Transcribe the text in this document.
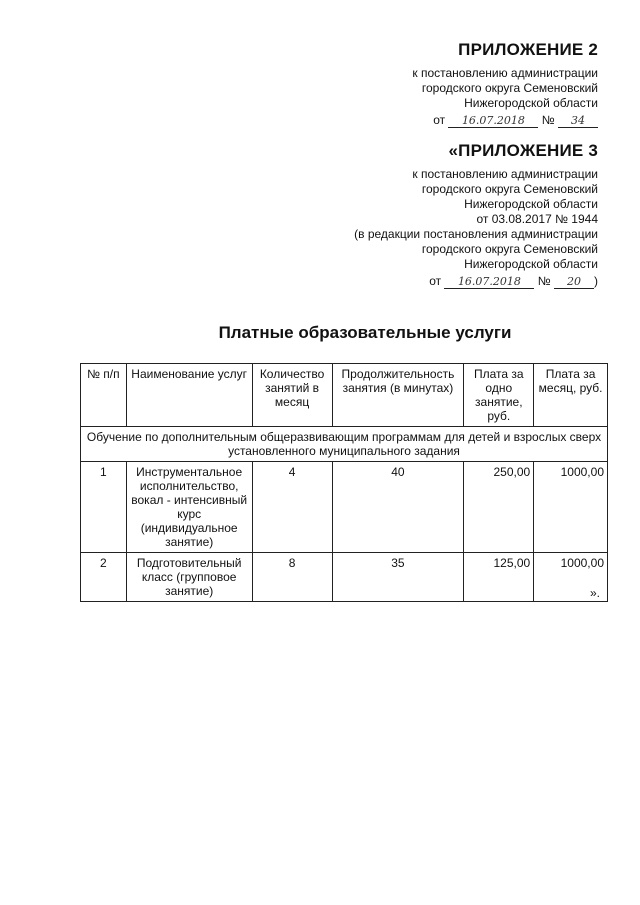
ПРИЛОЖЕНИЕ 2
к постановлению администрации
городского округа Семеновский
Нижегородской области
от 16.07.2018 № 34
«ПРИЛОЖЕНИЕ 3
к постановлению администрации
городского округа Семеновский
Нижегородской области
от 03.08.2017 № 1944
(в редакции постановления администрации
городского округа Семеновский
Нижегородской области
от 16.07.2018 № 20 )
Платные образовательные услуги
№ п/п	Наименование услуг	Количество занятий в месяц	Продолжительность занятия (в минутах)	Плата за одно занятие, руб.	Плата за месяц, руб.
Обучение по дополнительным общеразвивающим программам для детей и взрослых сверх установленного муниципального задания					
1	Инструментальное исполнительство, вокал - интенсивный курс (индивидуальное занятие)	4	40	250,00	1000,00
2	Подготовительный класс (групповое занятие)	8	35	125,00	1000,00
».
